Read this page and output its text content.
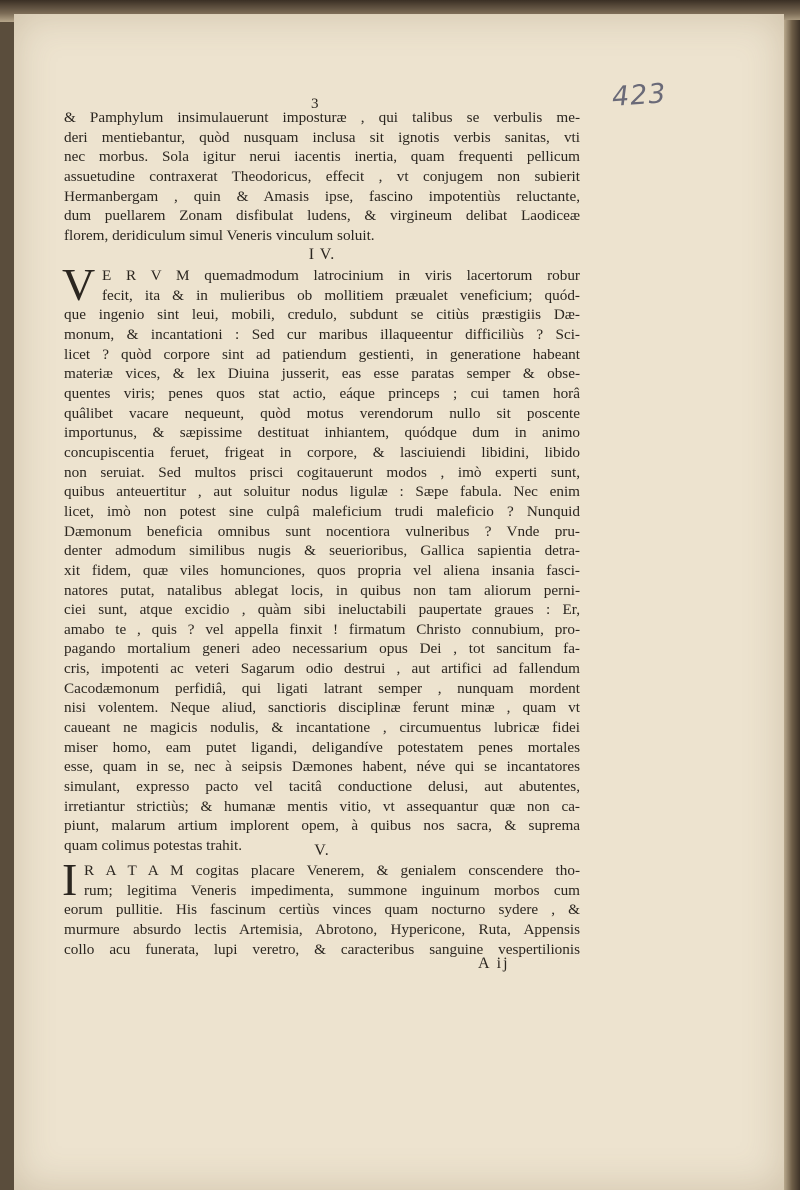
423
3
& Pamphylum insimulauerunt imposturæ , qui talibus se verbulis me-
deri mentiebantur, quòd nusquam inclusa sit ignotis verbis sanitas, vti
nec morbus. Sola igitur nerui iacentis inertia, quam frequenti pellicum
assuetudine contraxerat Theodoricus, effecit , vt conjugem non subierit
Hermanbergam , quin & Amasis ipse, fascino impotentiùs reluctante,
dum puellarem Zonam disfibulat ludens, & virgineum delibat Laodiceæ
florem, deridiculum simul Veneris vinculum soluit.
I V.
V E R V M quemadmodum latrocinium in viris lacertorum robur
fecit, ita & in mulieribus ob mollitiem præualet veneficium; quód-
que ingenio sint leui, mobili, credulo, subdunt se citiùs præstigiis Dæ-
monum, & incantationi : Sed cur maribus illaqueentur difficiliùs ? Sci-
licet ? quòd corpore sint ad patiendum gestienti, in generatione habeant
materiæ vices, & lex Diuina jusserit, eas esse paratas semper & obse-
quentes viris; penes quos stat actio, eáque princeps ; cui tamen horâ
quâlibet vacare nequeunt, quòd motus verendorum nullo sit poscente
importunus, & sæpissime destituat inhiantem, quódque dum in animo
concupiscentia feruet, frigeat in corpore, & lasciuiendi libidini, libido
non seruiat. Sed multos prisci cogitauerunt modos , imò experti sunt,
quibus anteuertitur , aut soluitur nodus ligulæ : Sæpe fabula. Nec enim
licet, imò non potest sine culpâ maleficium trudi maleficio ? Nunquid
Dæmonum beneficia omnibus sunt nocentiora vulneribus ? Vnde pru-
denter admodum similibus nugis & seuerioribus, Gallica sapientia detra-
xit fidem, quæ viles homunciones, quos propria vel aliena insania fasci-
natores putat, natalibus ablegat locis, in quibus non tam aliorum perni-
ciei sunt, atque excidio , quàm sibi ineluctabili paupertate graues : Er,
amabo te , quis ? vel appella finxit ! firmatum Christo connubium, pro-
pagando mortalium generi adeo necessarium opus Dei , tot sancitum fa-
cris, impotenti ac veteri Sagarum odio destrui , aut artifici ad fallendum
Cacodæmonum perfidiâ, qui ligati latrant semper , nunquam mordent
nisi volentem. Neque aliud, sanctioris disciplinæ ferunt minæ , quam vt
caueant ne magicis nodulis, & incantatione , circumuentus lubricæ fidei
miser homo, eam putet ligandi, deligandíve potestatem penes mortales
esse, quam in se, nec à seipsis Dæmones habent, néve qui se incantatores
simulant, expresso pacto vel tacitâ conductione delusi, aut abutentes,
irretiantur strictiùs; & humanæ mentis vitio, vt assequantur quæ non ca-
piunt, malarum artium implorent opem, à quibus nos sacra, & suprema
quam colimus potestas trahit.	V.
I R A T A M cogitas placare Venerem, & genialem conscendere tho-
rum; legitima Veneris impedimenta, summone inguinum morbos cum
eorum pullitie. His fascinum certiùs vinces quam nocturno sydere , &
murmure absurdo lectis Artemisia, Abrotono, Hypericone, Ruta, Appensis
collo acu funerata, lupi veretro, & caracteribus sanguine vespertilionis
A ij
